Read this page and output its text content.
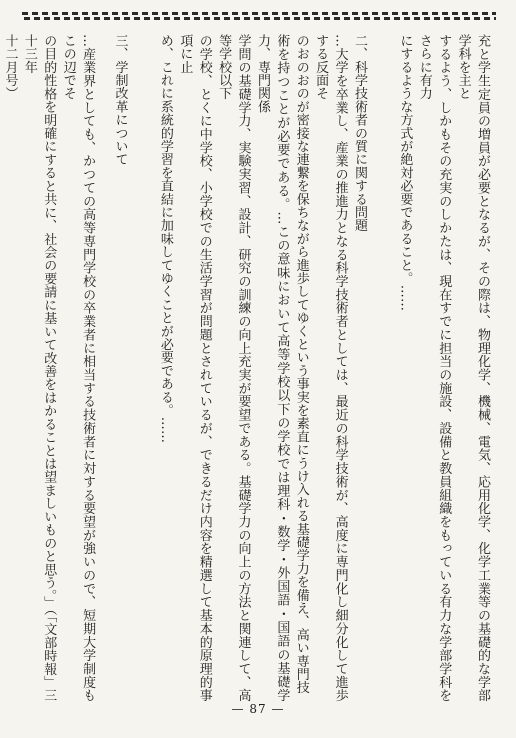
充と学生定員の増員が必要となるが、その際は、物理化学、機械、電気、応用化学、化学工業等の基礎的な学部学科を主と

するよう、しかもその充実のしかたは、現在すでに担当の施設、設備と教員組織をもっている有力な学部学科をさらに有力

にするような方式が絶対必要であること。……

二、科学技術者の質に関する問題

…大学を卒業し、産業の推進力となる科学技術者としては、最近の科学技術が、高度に専門化し細分化して進歩する反面そ

のおのおのが密接な連繋を保ちながら進歩してゆくという事実を素直にうけ入れる基礎学力を備え、高い専門技

術を持つことが必要である。…この意味において高等学校以下の学校では理科・数学・外国語・国語の基礎学力、専門関係

学問の基礎学力、実験実習、設計、研究の訓練の向上充実が要望である。基礎学力の向上の方法と関連して、高等学校以下

の学校、とくに中学校、小学校での生活学習が問題とされているが、できるだけ内容を精選して基本的原理的事項に止

め、これに系統的学習を直結に加味してゆくことが必要である。……

三、学制改革について

…産業界としても、かつての高等専門学校の卒業者に相当する技術者に対する要望が強いので、短期大学制度もこの辺でそ

の目的性格を明確にすると共に、社会の要請に基いて改善をはかることは望ましいものと思う。」（「文部時報」三十三年

十二月号）

— 87 —
